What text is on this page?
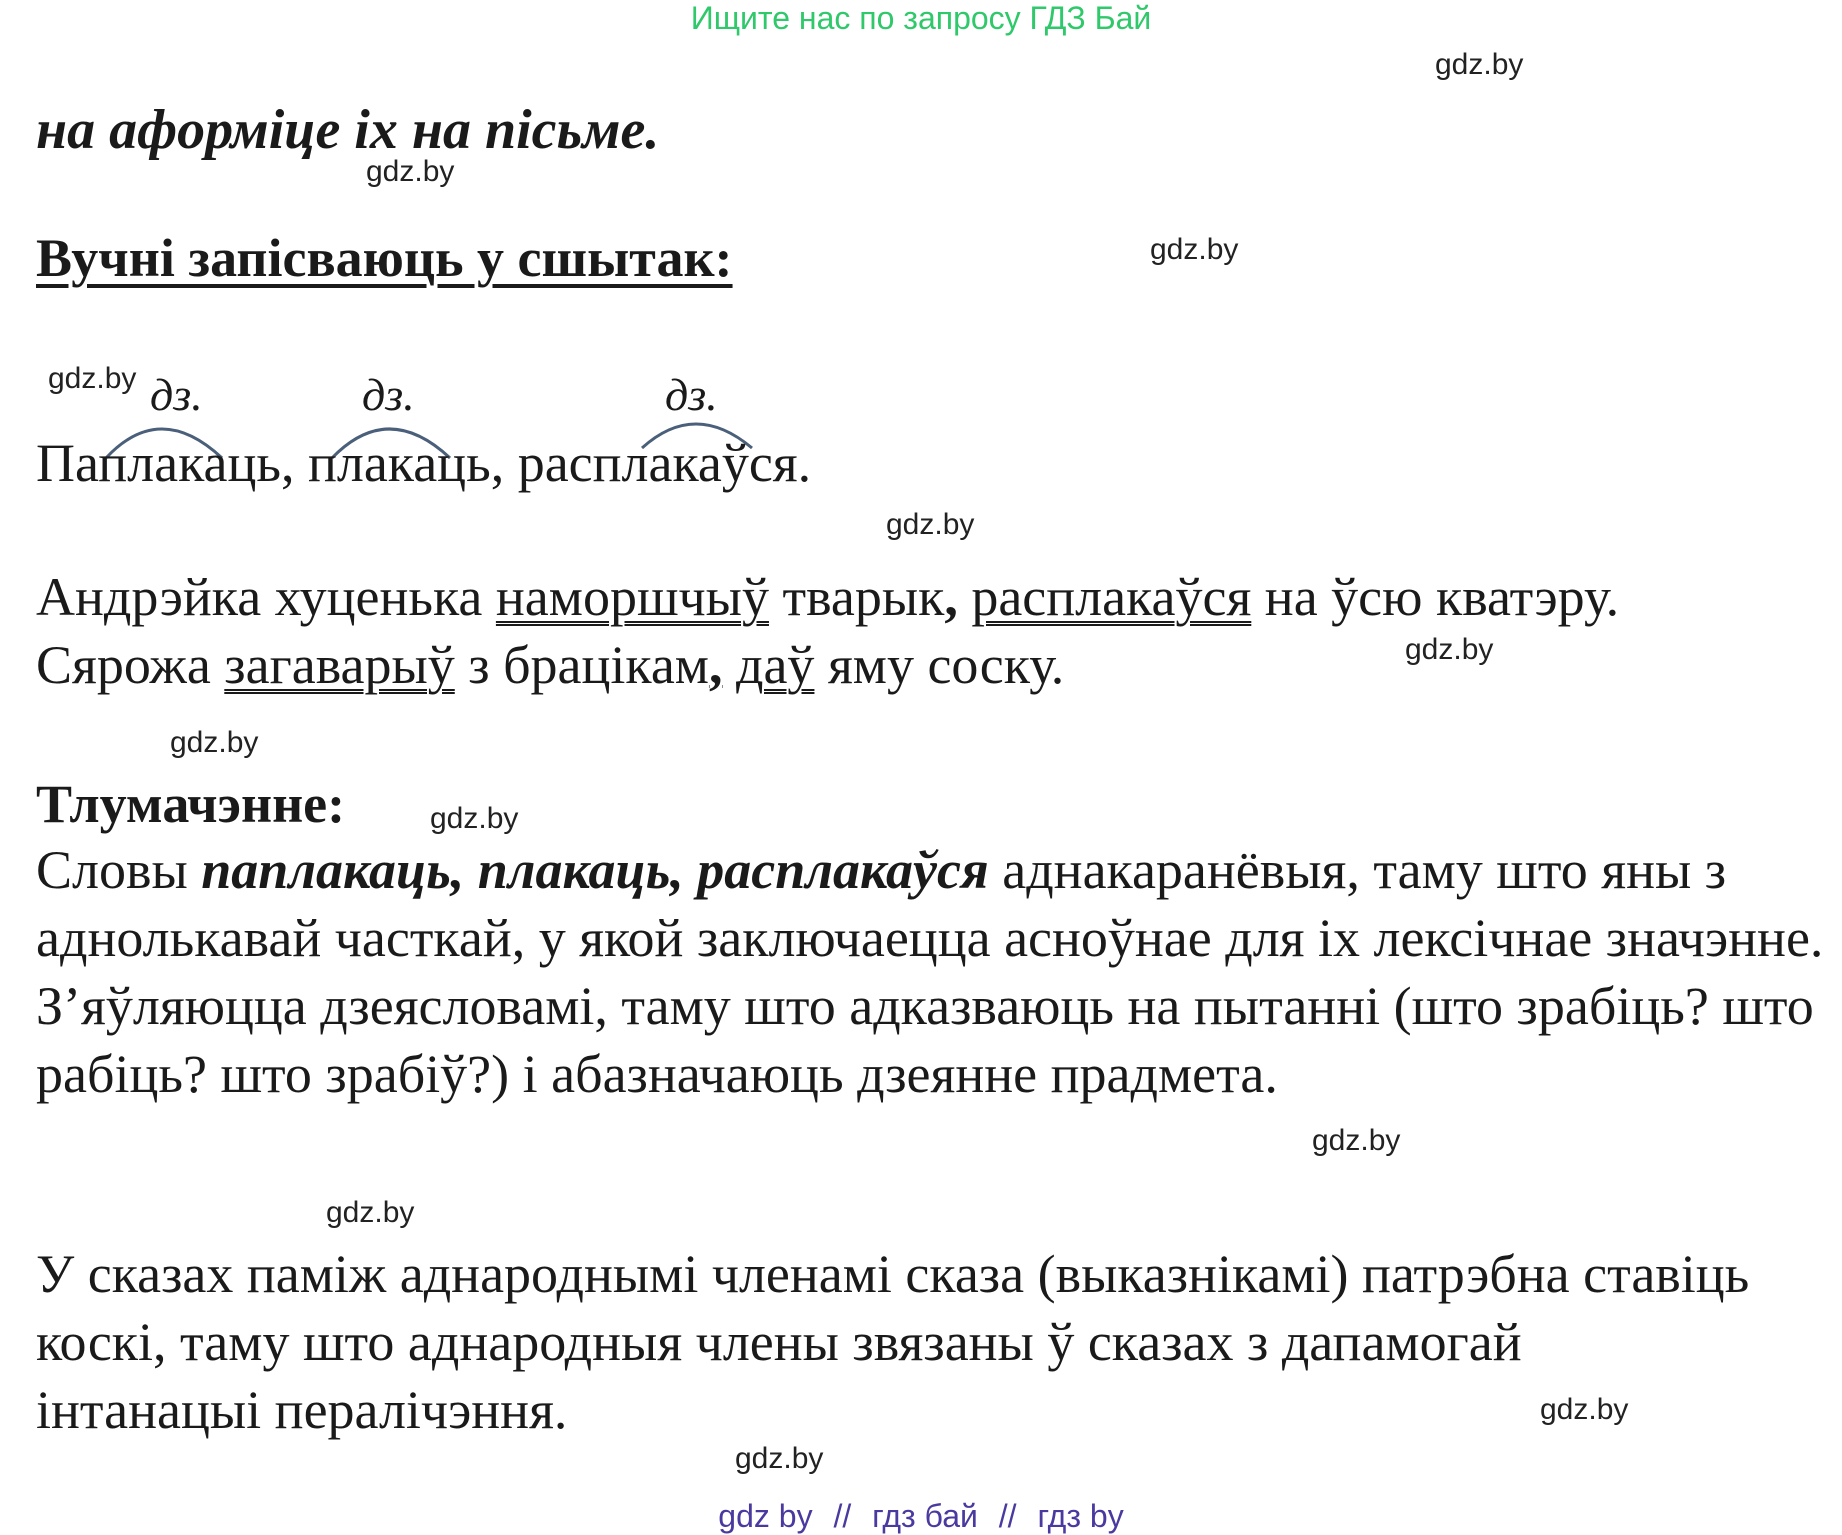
Ищите нас по запросу ГДЗ Бай
gdz.by
gdz.by
gdz.by
gdz.by
gdz.by
gdz.by
gdz.by
gdz.by
gdz.by
gdz.by
gdz.by
gdz.by
на аформіце іх на пісьме.
Вучні запісваюць у сшытак:
дз.	дз.	дз.
Паплакаць, плакаць, расплакаўся.
Андрэйка хуценька наморшчыў тварык, расплакаўся на ўсю кватэру.
Сярожа загаварыў з брацікам, даў яму соску.
Тлумачэнне:
Словы паплакаць, плакаць, расплакаўся аднакаранёвыя, таму што яны з аднолькавай часткай, у якой заключаецца асноўнае для іх лексічнае значэнне. З’яўляюцца дзеясловамі, таму што адказваюць на пытанні (што зрабіць? што рабіць? што зрабіў?) і абазначаюць дзеянне прадмета.
У сказах паміж аднароднымі членамі сказа (выказнікамі) патрэбна ставіць коскі, таму што аднародныя члены звязаны ў сказах з дапамогай інтанацыі пералічэння.
gdz by // гдз бай // гдз by
